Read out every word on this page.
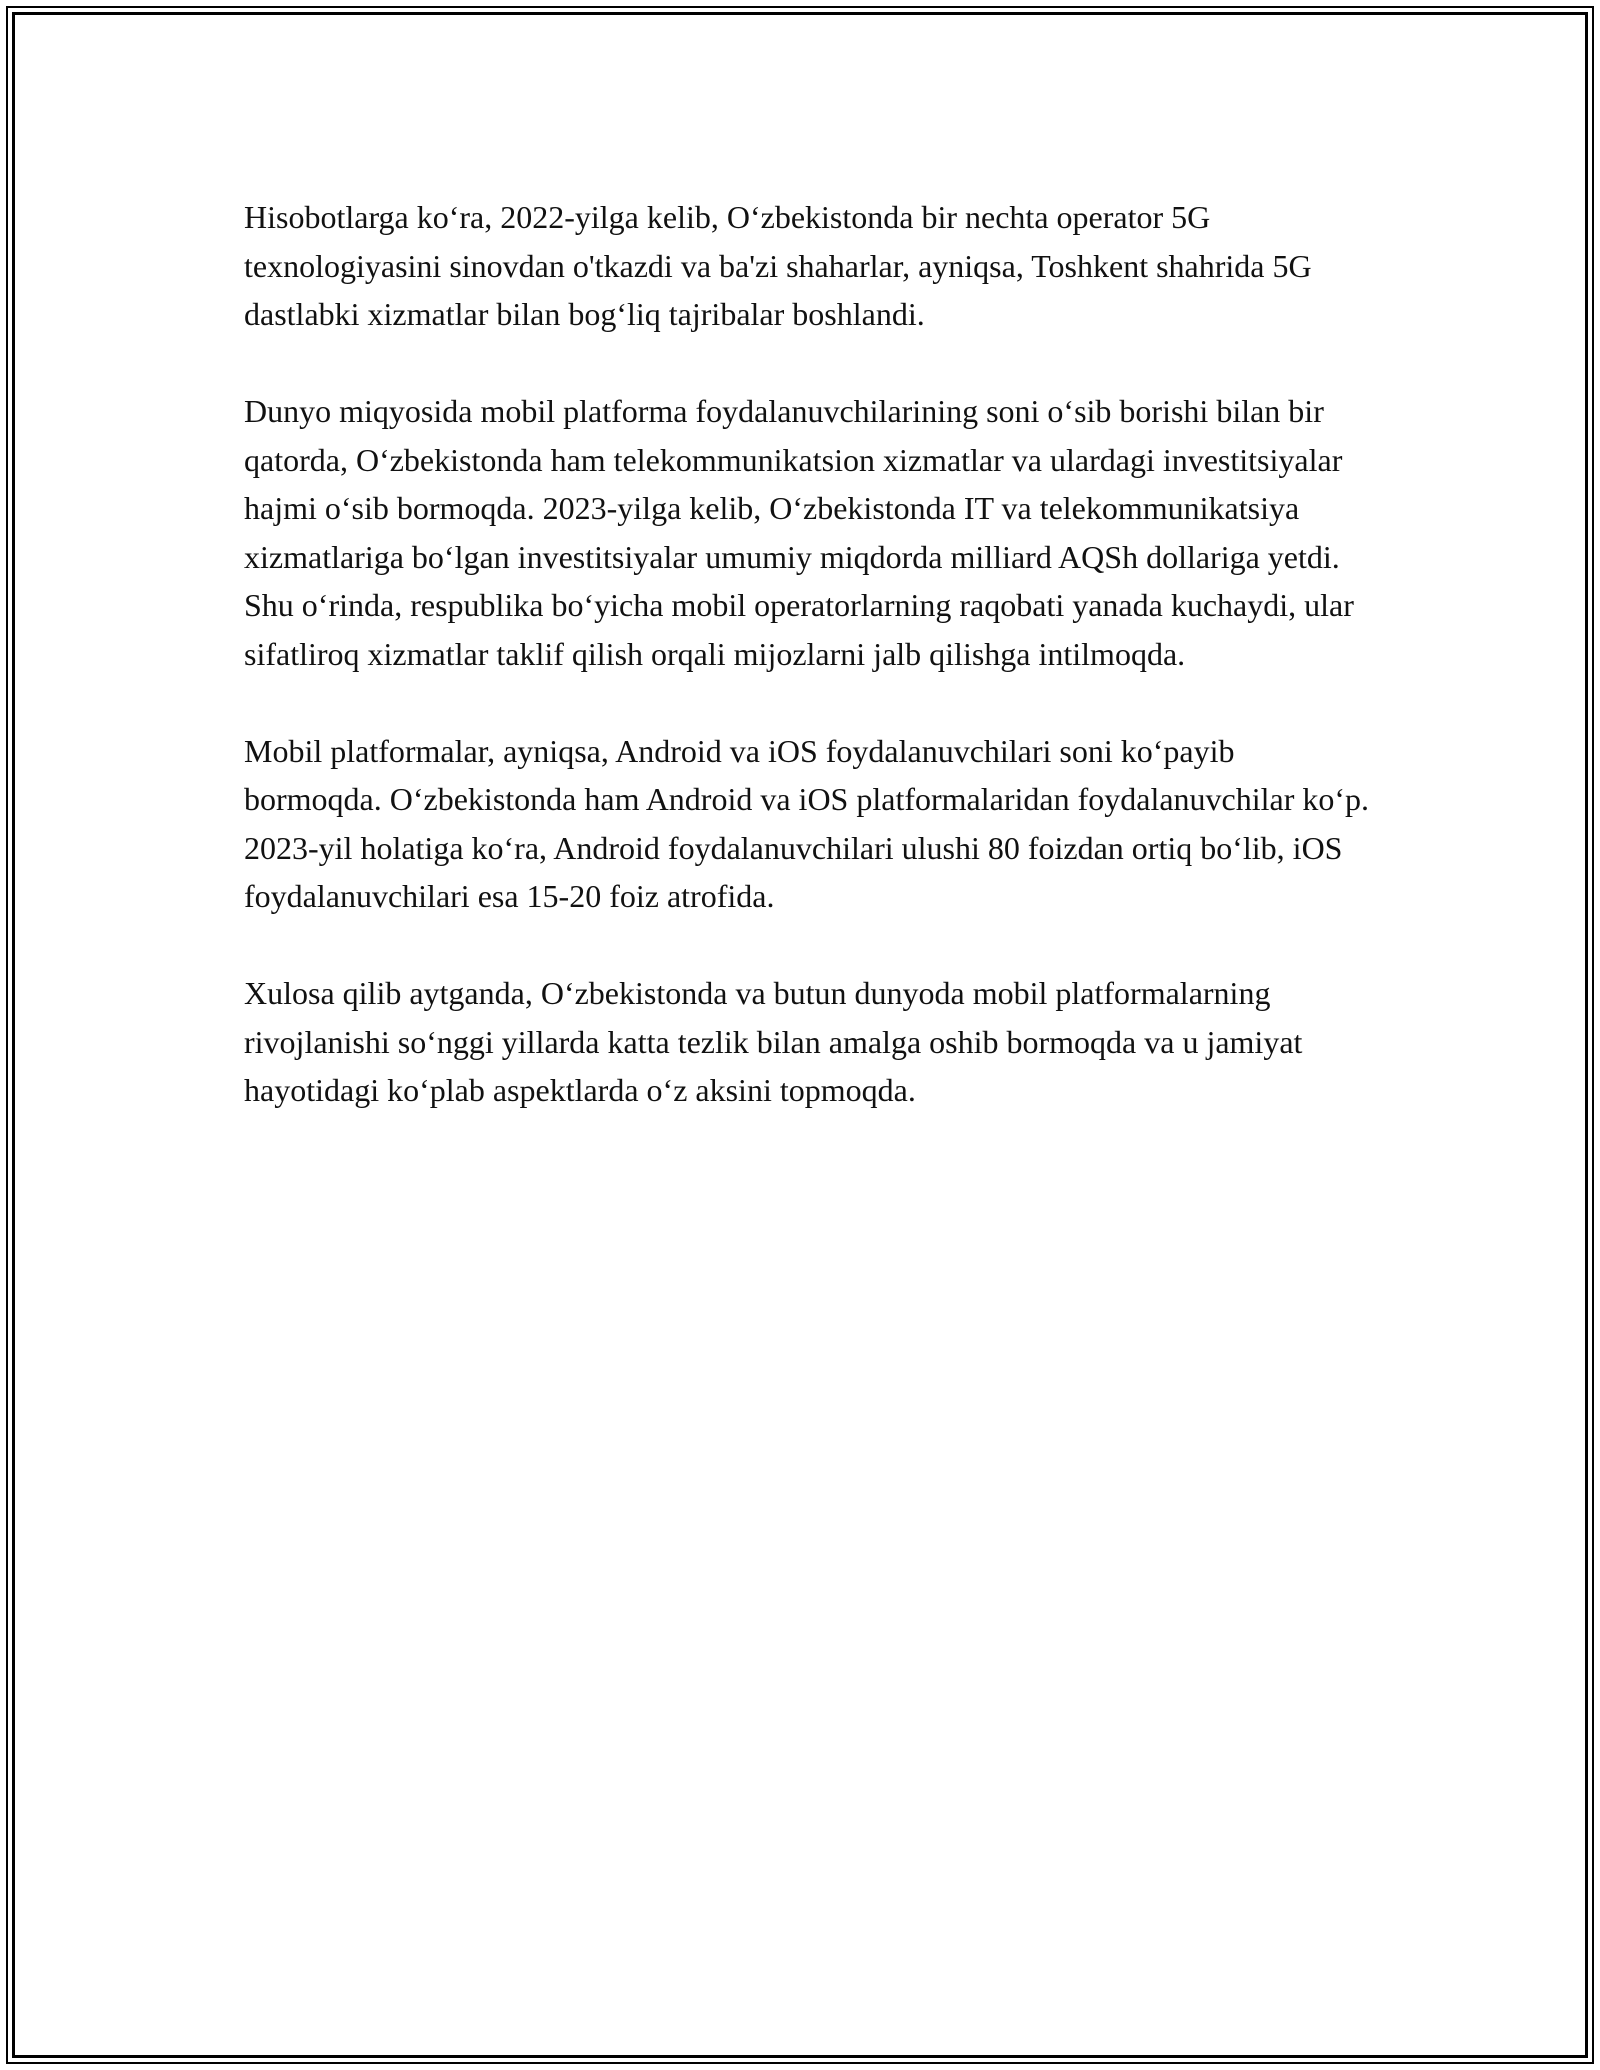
Hisobotlarga koʻra, 2022-yilga kelib, Oʻzbekistonda bir nechta operator 5G texnologiyasini sinovdan o'tkazdi va ba'zi shaharlar, ayniqsa, Toshkent shahrida 5G dastlabki xizmatlar bilan bogʻliq tajribalar boshlandi.

Dunyo miqyosida mobil platforma foydalanuvchilarining soni oʻsib borishi bilan bir qatorda, Oʻzbekistonda ham telekommunikatsion xizmatlar va ulardagi investitsiyalar hajmi oʻsib bormoqda. 2023-yilga kelib, Oʻzbekistonda IT va telekommunikatsiya xizmatlariga boʻlgan investitsiyalar umumiy miqdorda milliard AQSh dollariga yetdi. Shu oʻrinda, respublika boʻyicha mobil operatorlarning raqobati yanada kuchaydi, ular sifatliroq xizmatlar taklif qilish orqali mijozlarni jalb qilishga intilmoqda.

Mobil platformalar, ayniqsa, Android va iOS foydalanuvchilari soni koʻpayib bormoqda. Oʻzbekistonda ham Android va iOS platformalaridan foydalanuvchilar koʻp. 2023-yil holatiga koʻra, Android foydalanuvchilari ulushi 80 foizdan ortiq boʻlib, iOS foydalanuvchilari esa 15-20 foiz atrofida.

Xulosa qilib aytganda, Oʻzbekistonda va butun dunyoda mobil platformalarning rivojlanishi soʻnggi yillarda katta tezlik bilan amalga oshib bormoqda va u jamiyat hayotidagi koʻplab aspektlarda oʻz aksini topmoqda.
